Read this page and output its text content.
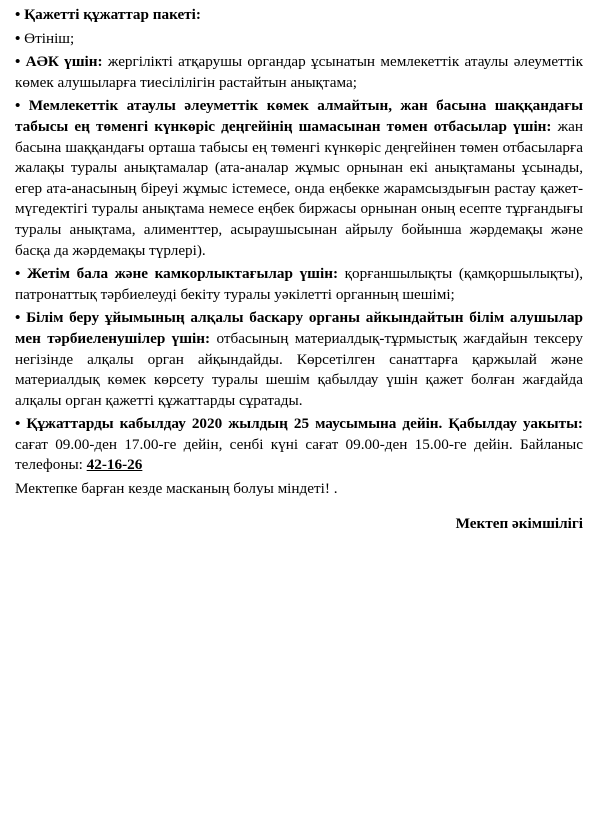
• Қажетті құжаттар пакеті:

• Өтініш;

• АӘК үшін: жергілікті атқарушы органдар ұсынатын мемлекеттік атаулы әлеуметтік көмек алушыларға тиесілілігін растайтын анықтама;

• Мемлекеттік атаулы әлеуметтік көмек алмайтын, жан басына шаққандағы табысы ең төменгі күнкөріс деңгейінің шамасынан төмен отбасылар үшін: жан басына шаққандағы орташа табысы ең төменгі күнкөріс деңгейінен төмен отбасыларға жалақы туралы анықтамалар (ата-аналар жұмыс орнынан екі анықтаманы ұсынады, егер ата-анасының біреуі жұмыс істемесе, онда еңбекке жарамсыздығын растау қажет-мүгедектігі туралы анықтама немесе еңбек биржасы орнынан оның есепте тұрғандығы туралы анықтама, алименттер, асыраушысынан айрылу бойынша жәрдемақы және басқа да жәрдемақы түрлері).

• Жетім бала және камкорлыктағылар үшін: қорғаншылықты (қамқоршылықты), патронаттық тәрбиелеуді бекіту туралы уәкілетті органның шешімі;

• Білім беру ұйымының алқалы баскару органы айкындайтын білім алушылар мен тәрбиеленушілер үшін: отбасының материалдық-тұрмыстық жағдайын тексеру негізінде алқалы орган айқындайды. Көрсетілген санаттарға қаржылай және материалдық көмек көрсету туралы шешім қабылдау үшін қажет болған жағдайда алқалы орган қажетті құжаттарды сұратады.

• Құжаттарды кабылдау 2020 жылдың 25 маусымына дейін. Қабылдау уакыты: сағат 09.00-ден 17.00-ге дейін, сенбі күні сағат 09.00-ден 15.00-ге дейін. Байланыс телефоны: 42-16-26

Мектепке барған кезде масканың болуы міндеті! .

Мектеп әкімшілігі
